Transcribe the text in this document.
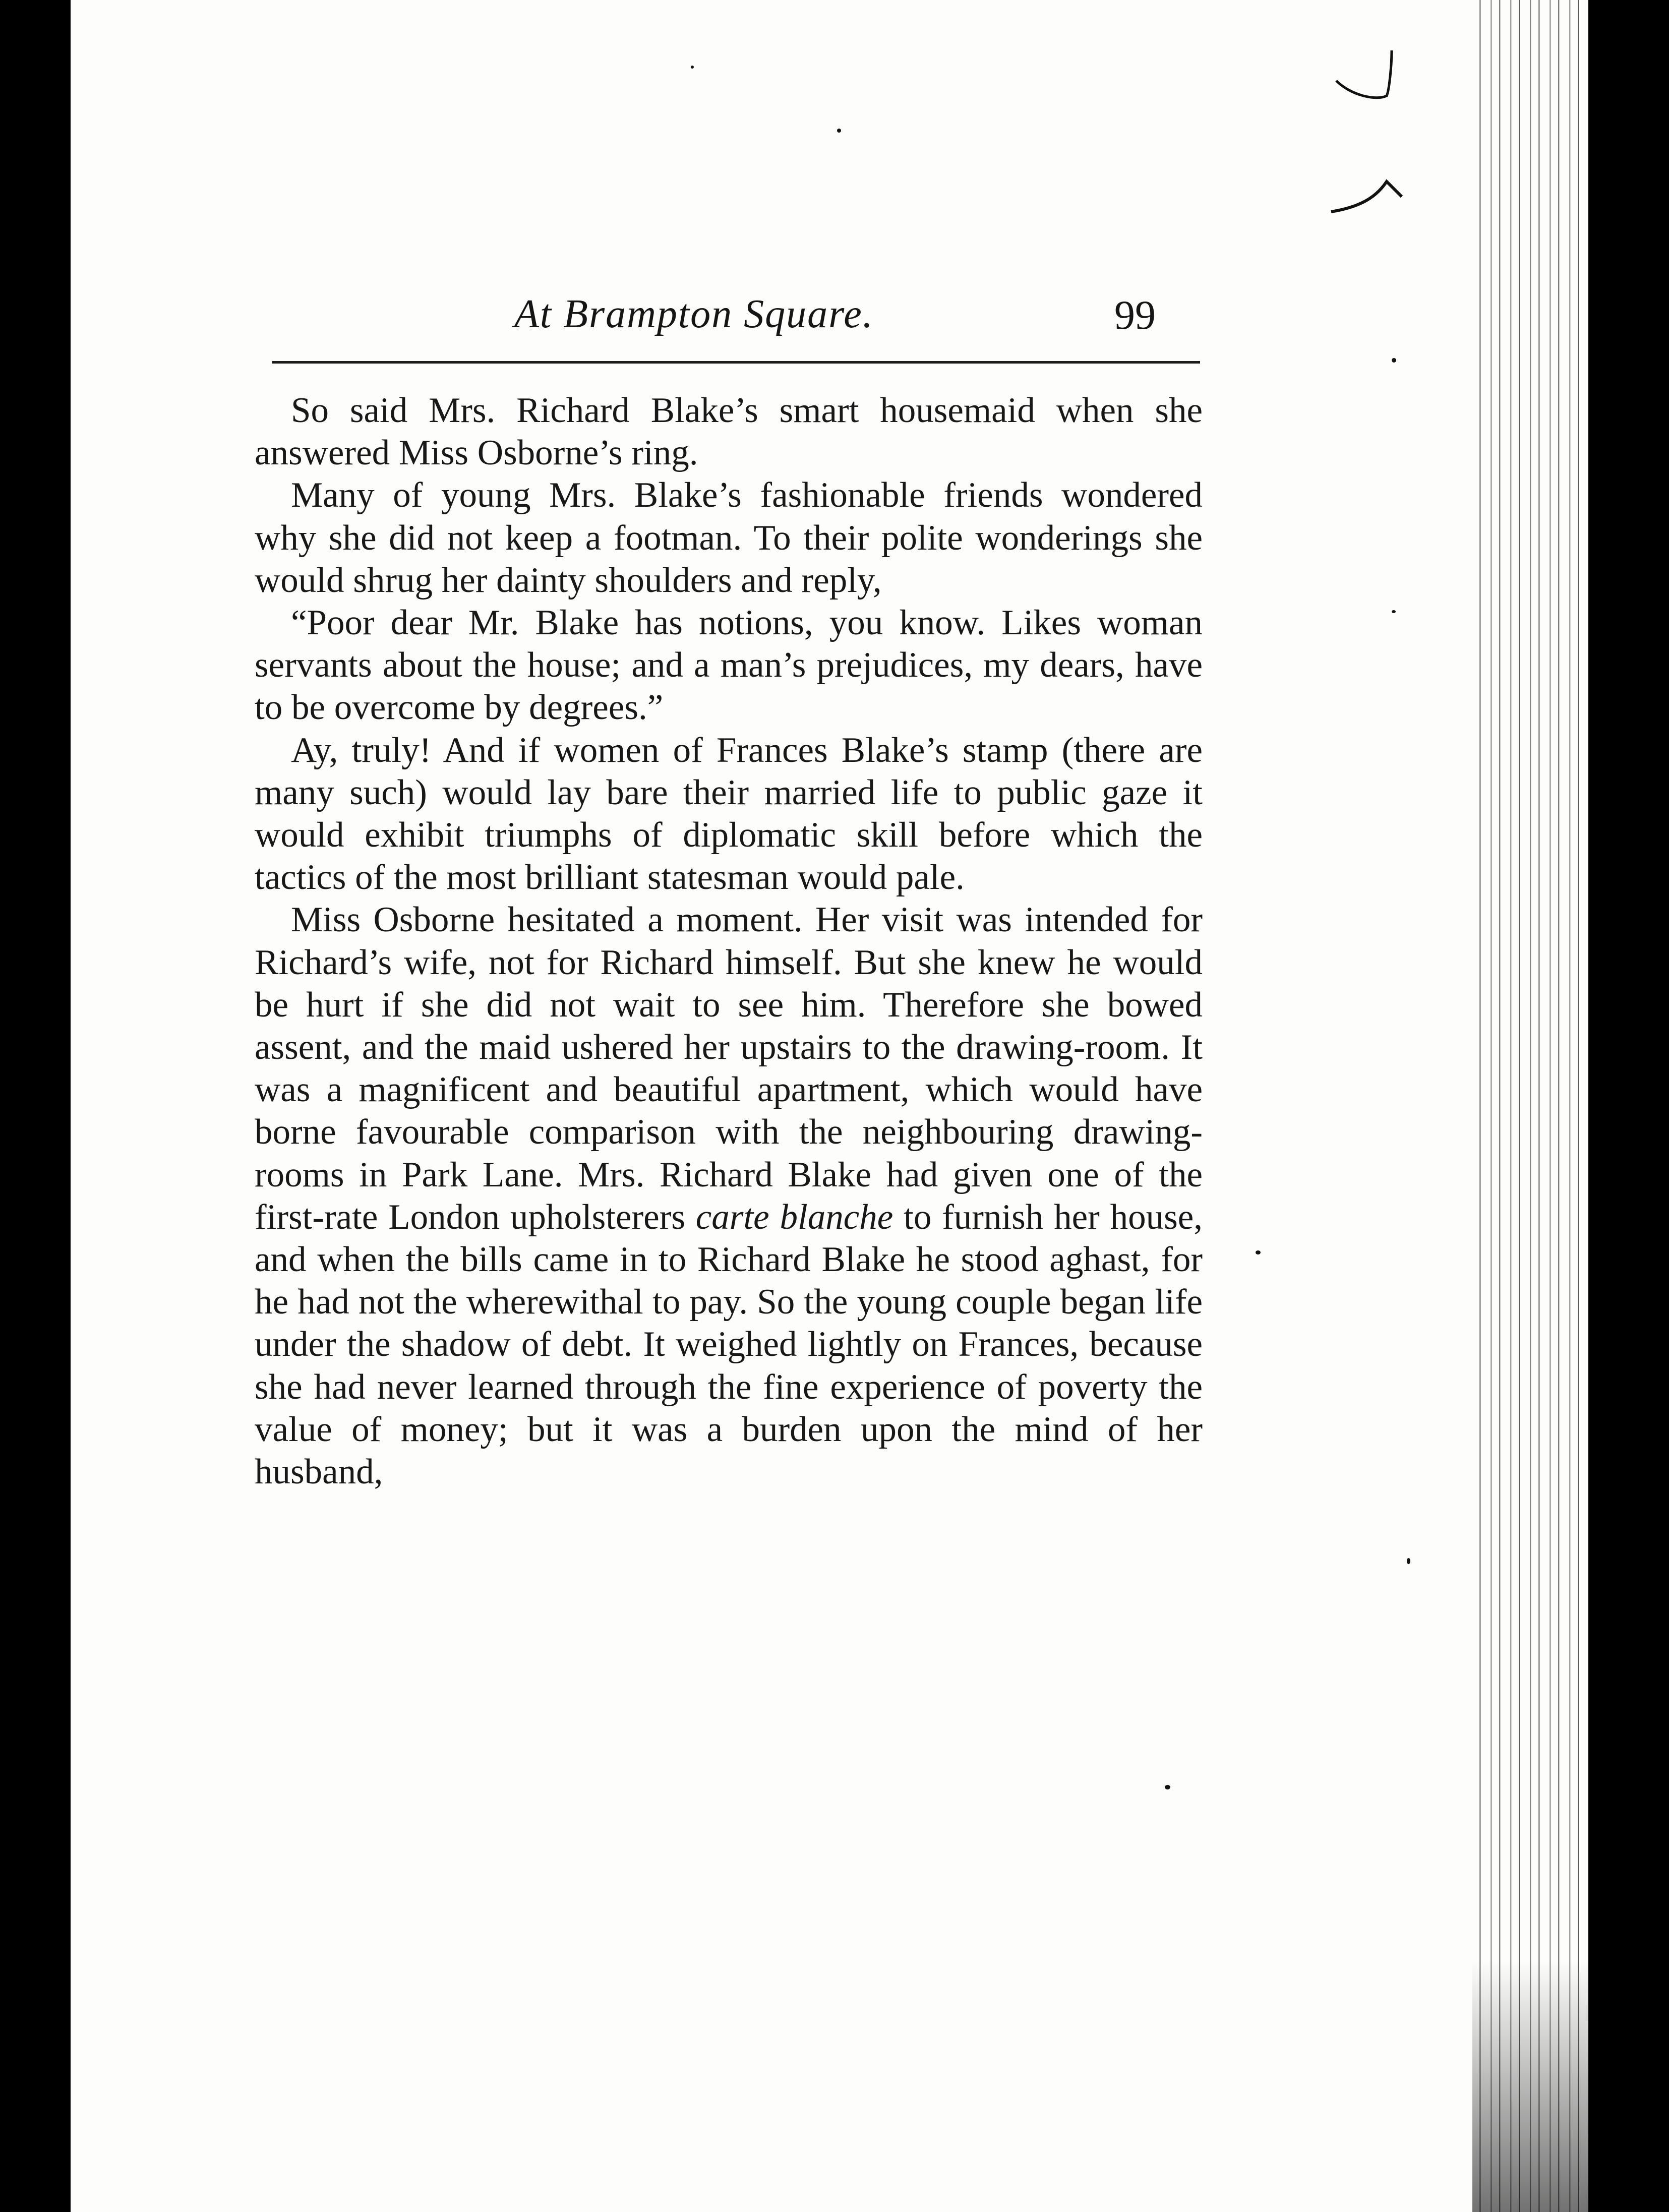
At Brampton Square.	99

So said Mrs. Richard Blake’s smart housemaid when she answered Miss Osborne’s ring.

Many of young Mrs. Blake’s fashionable friends wondered why she did not keep a footman. To their polite wonderings she would shrug her dainty shoulders and reply,

“Poor dear Mr. Blake has notions, you know. Likes woman servants about the house; and a man’s prejudices, my dears, have to be overcome by degrees.”

Ay, truly! And if women of Frances Blake’s stamp (there are many such) would lay bare their married life to public gaze it would exhibit triumphs of diplomatic skill before which the tactics of the most brilliant statesman would pale.

Miss Osborne hesitated a moment. Her visit was intended for Richard’s wife, not for Richard himself. But she knew he would be hurt if she did not wait to see him. Therefore she bowed assent, and the maid ushered her upstairs to the drawing-room. It was a magnificent and beautiful apartment, which would have borne favourable comparison with the neighbouring drawing-rooms in Park Lane. Mrs. Richard Blake had given one of the first-rate London upholsterers carte blanche to furnish her house, and when the bills came in to Richard Blake he stood aghast, for he had not the wherewithal to pay. So the young couple began life under the shadow of debt. It weighed lightly on Frances, because she had never learned through the fine experience of poverty the value of money; but it was a burden upon the mind of her husband,
